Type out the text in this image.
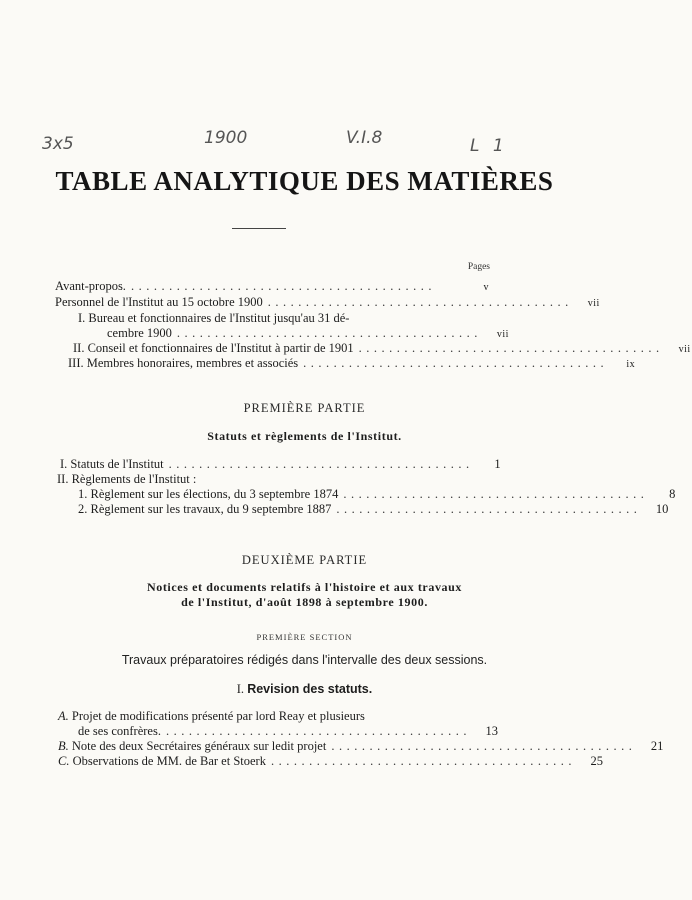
3x5	1900	V.I.8	L 1
TABLE ANALYTIQUE DES MATIÈRES
Pages
Avant-propos. ........................................	v
Personnel de l'Institut au 15 octobre 1900 ........................................	vii
I. Bureau et fonctionnaires de l'Institut jusqu'au 31 dé-
cembre 1900 ........................................	vii
II. Conseil et fonctionnaires de l'Institut à partir de 1901 ........................................	vii
III. Membres honoraires, membres et associés ........................................	ix
PREMIÈRE PARTIE
Statuts et règlements de l'Institut.
I. Statuts de l'Institut ........................................	1
II. Règlements de l'Institut :
1. Règlement sur les élections, du 3 septembre 1874 ........................................	8
2. Règlement sur les travaux, du 9 septembre 1887 ........................................	10
DEUXIÈME PARTIE
Notices et documents relatifs à l'histoire et aux travaux
de l'Institut, d'août 1898 à septembre 1900.
PREMIÈRE SECTION
Travaux préparatoires rédigés dans l'intervalle des deux sessions.
I. Revision des statuts.
A. Projet de modifications présenté par lord Reay et plusieurs
de ses confrères. ........................................	13
B. Note des deux Secrétaires généraux sur ledit projet ........................................	21
C. Observations de MM. de Bar et Stoerk ........................................	25
